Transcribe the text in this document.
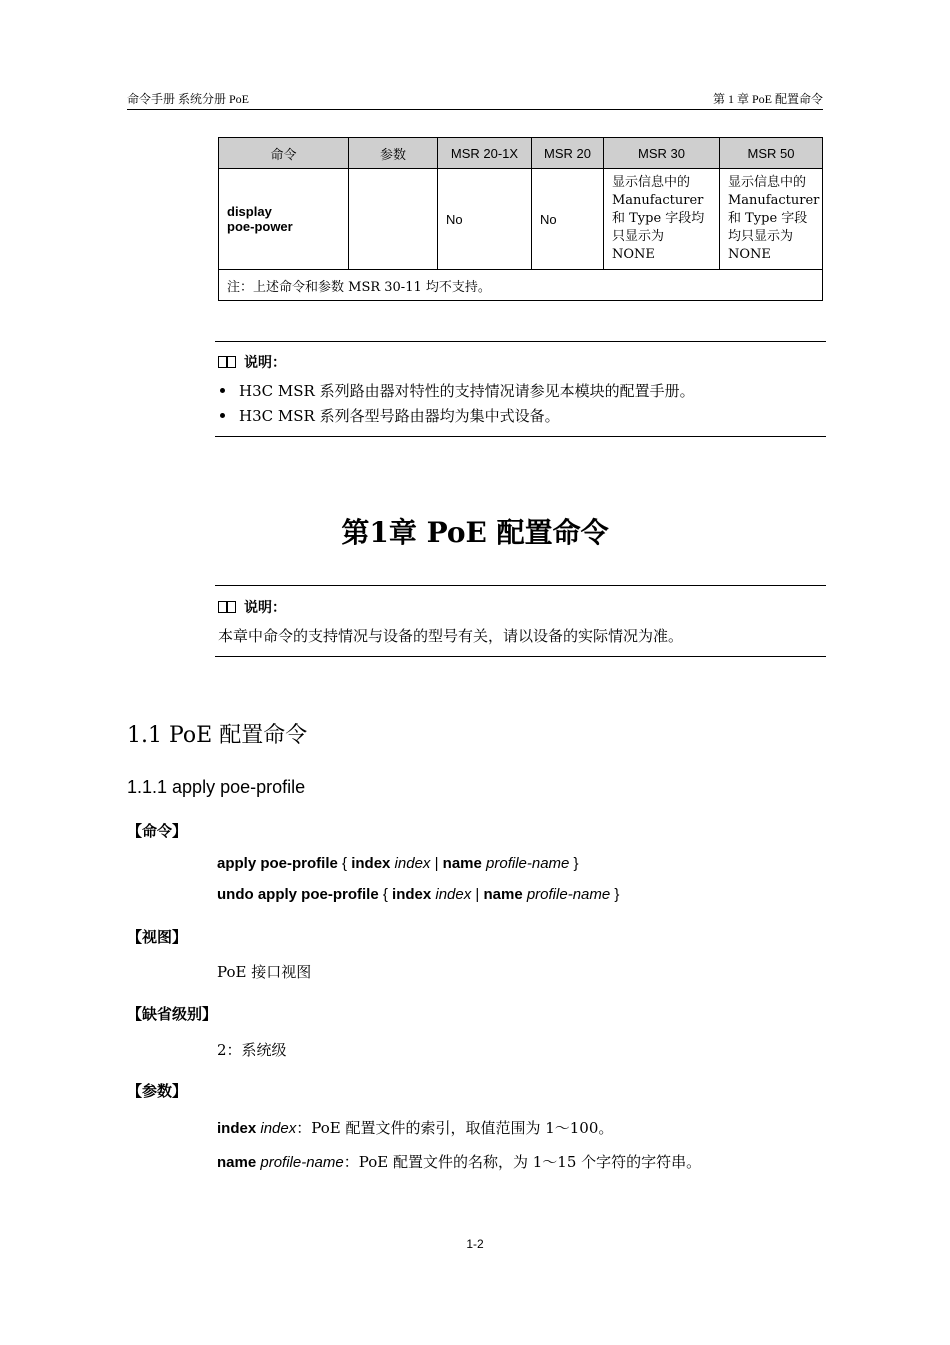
命令手册 系统分册 PoE	第 1 章 PoE 配置命令
命令	参数	MSR 20-1X	MSR 20	MSR 30	MSR 50

display
poe-power		No	No	显示信息中的 Manufacturer 和 Type 字段均只显示为 NONE	显示信息中的 Manufacturer 和 Type 字段均只显示为 NONE
注：上述命令和参数 MSR 30-11 均不支持。					
说明：
H3C MSR 系列路由器对特性的支持情况请参见本模块的配置手册。
H3C MSR 系列各型号路由器均为集中式设备。
第1章 PoE 配置命令
说明：
本章中命令的支持情况与设备的型号有关，请以设备的实际情况为准。
1.1 PoE 配置命令
1.1.1 apply poe-profile
【命令】
apply poe-profile { index index | name profile-name }
undo apply poe-profile { index index | name profile-name }
【视图】
PoE 接口视图
【缺省级别】
2：系统级
【参数】
index index：PoE 配置文件的索引，取值范围为 1～100。
name profile-name：PoE 配置文件的名称，为 1～15 个字符的字符串。
1-2
